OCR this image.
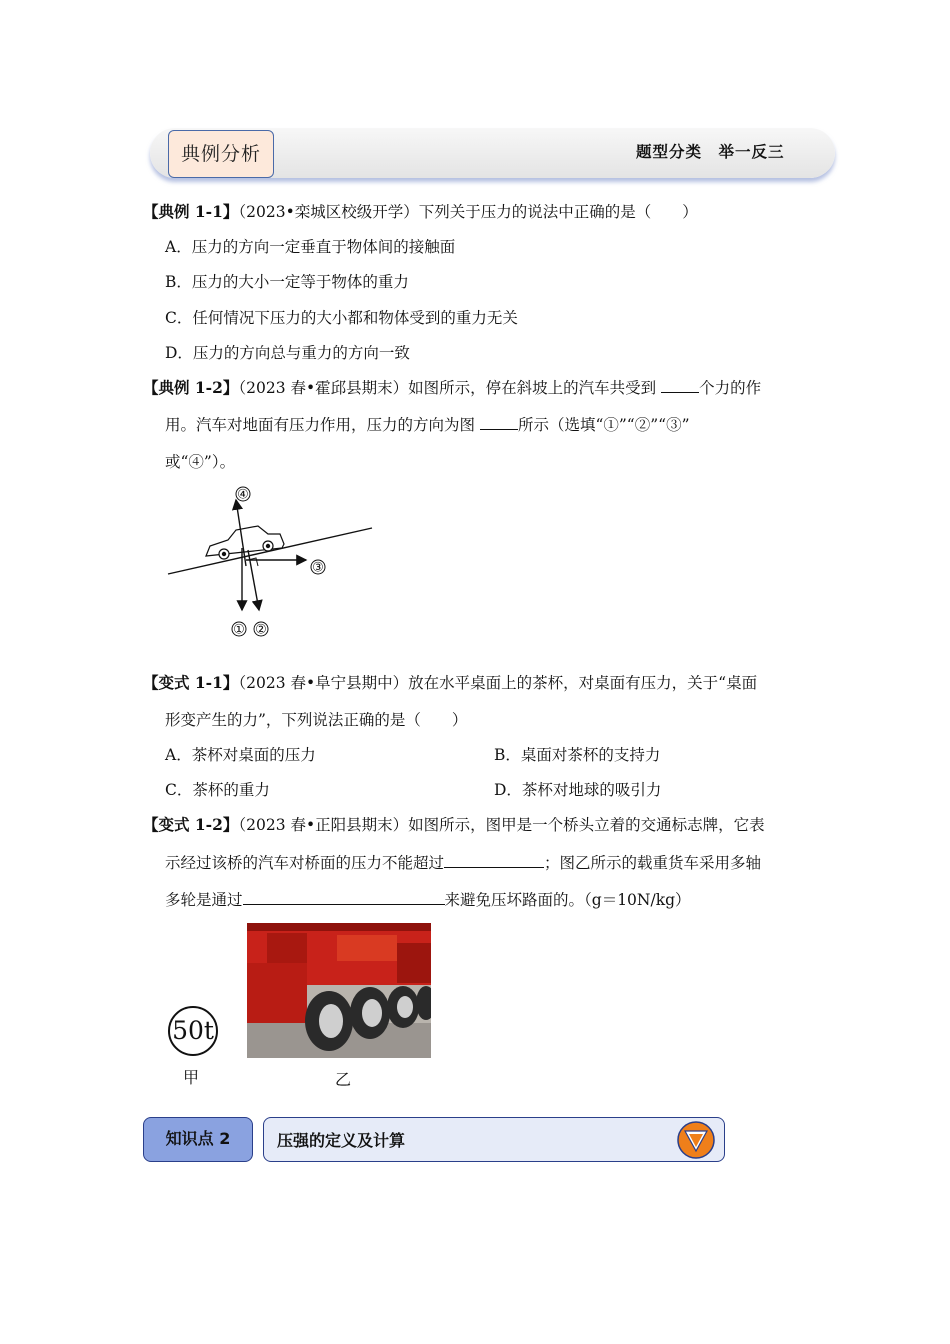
典例分析	题型分类　举一反三
【典例 1-1】（2023•栾城区校级开学）下列关于压力的说法中正确的是（　　）
A．压力的方向一定垂直于物体间的接触面
B．压力的大小一定等于物体的重力
C．任何情况下压力的大小都和物体受到的重力无关
D．压力的方向总与重力的方向一致
【典例 1-2】（2023 春•霍邱县期末）如图所示，停在斜坡上的汽车共受到	个力的作
用。汽车对地面有压力作用，压力的方向为图	所示（选填“①”“②”“③”
或“④”）。
④
③
① ②
【变式 1-1】（2023 春•阜宁县期中）放在水平桌面上的茶杯，对桌面有压力，关于“桌面
形变产生的力”，下列说法正确的是（　　）
A．茶杯对桌面的压力	B．桌面对茶杯的支持力
C．茶杯的重力	D．茶杯对地球的吸引力
【变式 1-2】（2023 春•正阳县期末）如图所示，图甲是一个桥头立着的交通标志牌，它表
示经过该桥的汽车对桥面的压力不能超过	；图乙所示的载重货车采用多轴
多轮是通过	来避免压坏路面的。（g＝10N/kg）
50t
甲	乙
知识点 2	压强的定义及计算
